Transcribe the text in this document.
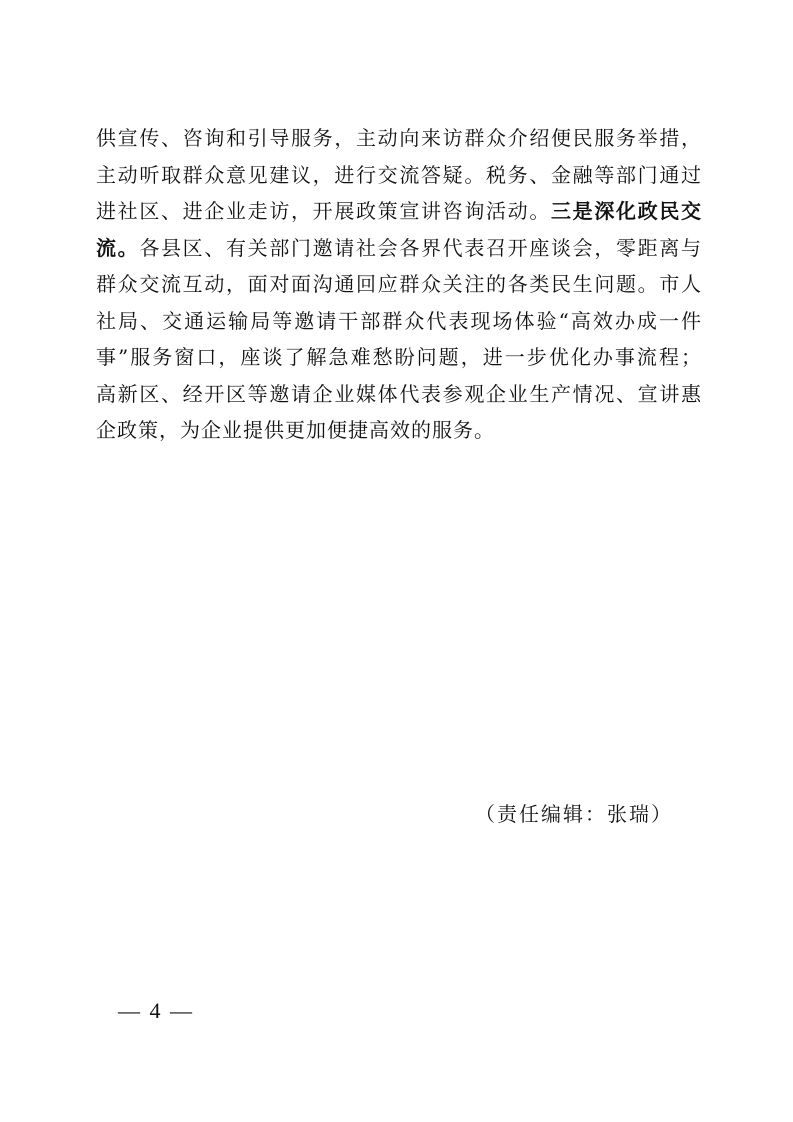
供宣传、咨询和引导服务，主动向来访群众介绍便民服务举措，
主动听取群众意见建议，进行交流答疑。税务、金融等部门通过
进社区、进企业走访，开展政策宣讲咨询活动。三是深化政民交
流。各县区、有关部门邀请社会各界代表召开座谈会，零距离与
群众交流互动，面对面沟通回应群众关注的各类民生问题。市人
社局、交通运输局等邀请干部群众代表现场体验“高效办成一件
事”服务窗口，座谈了解急难愁盼问题，进一步优化办事流程；
高新区、经开区等邀请企业媒体代表参观企业生产情况、宣讲惠
企政策，为企业提供更加便捷高效的服务。

（责任编辑：张瑞）

— 4 —
